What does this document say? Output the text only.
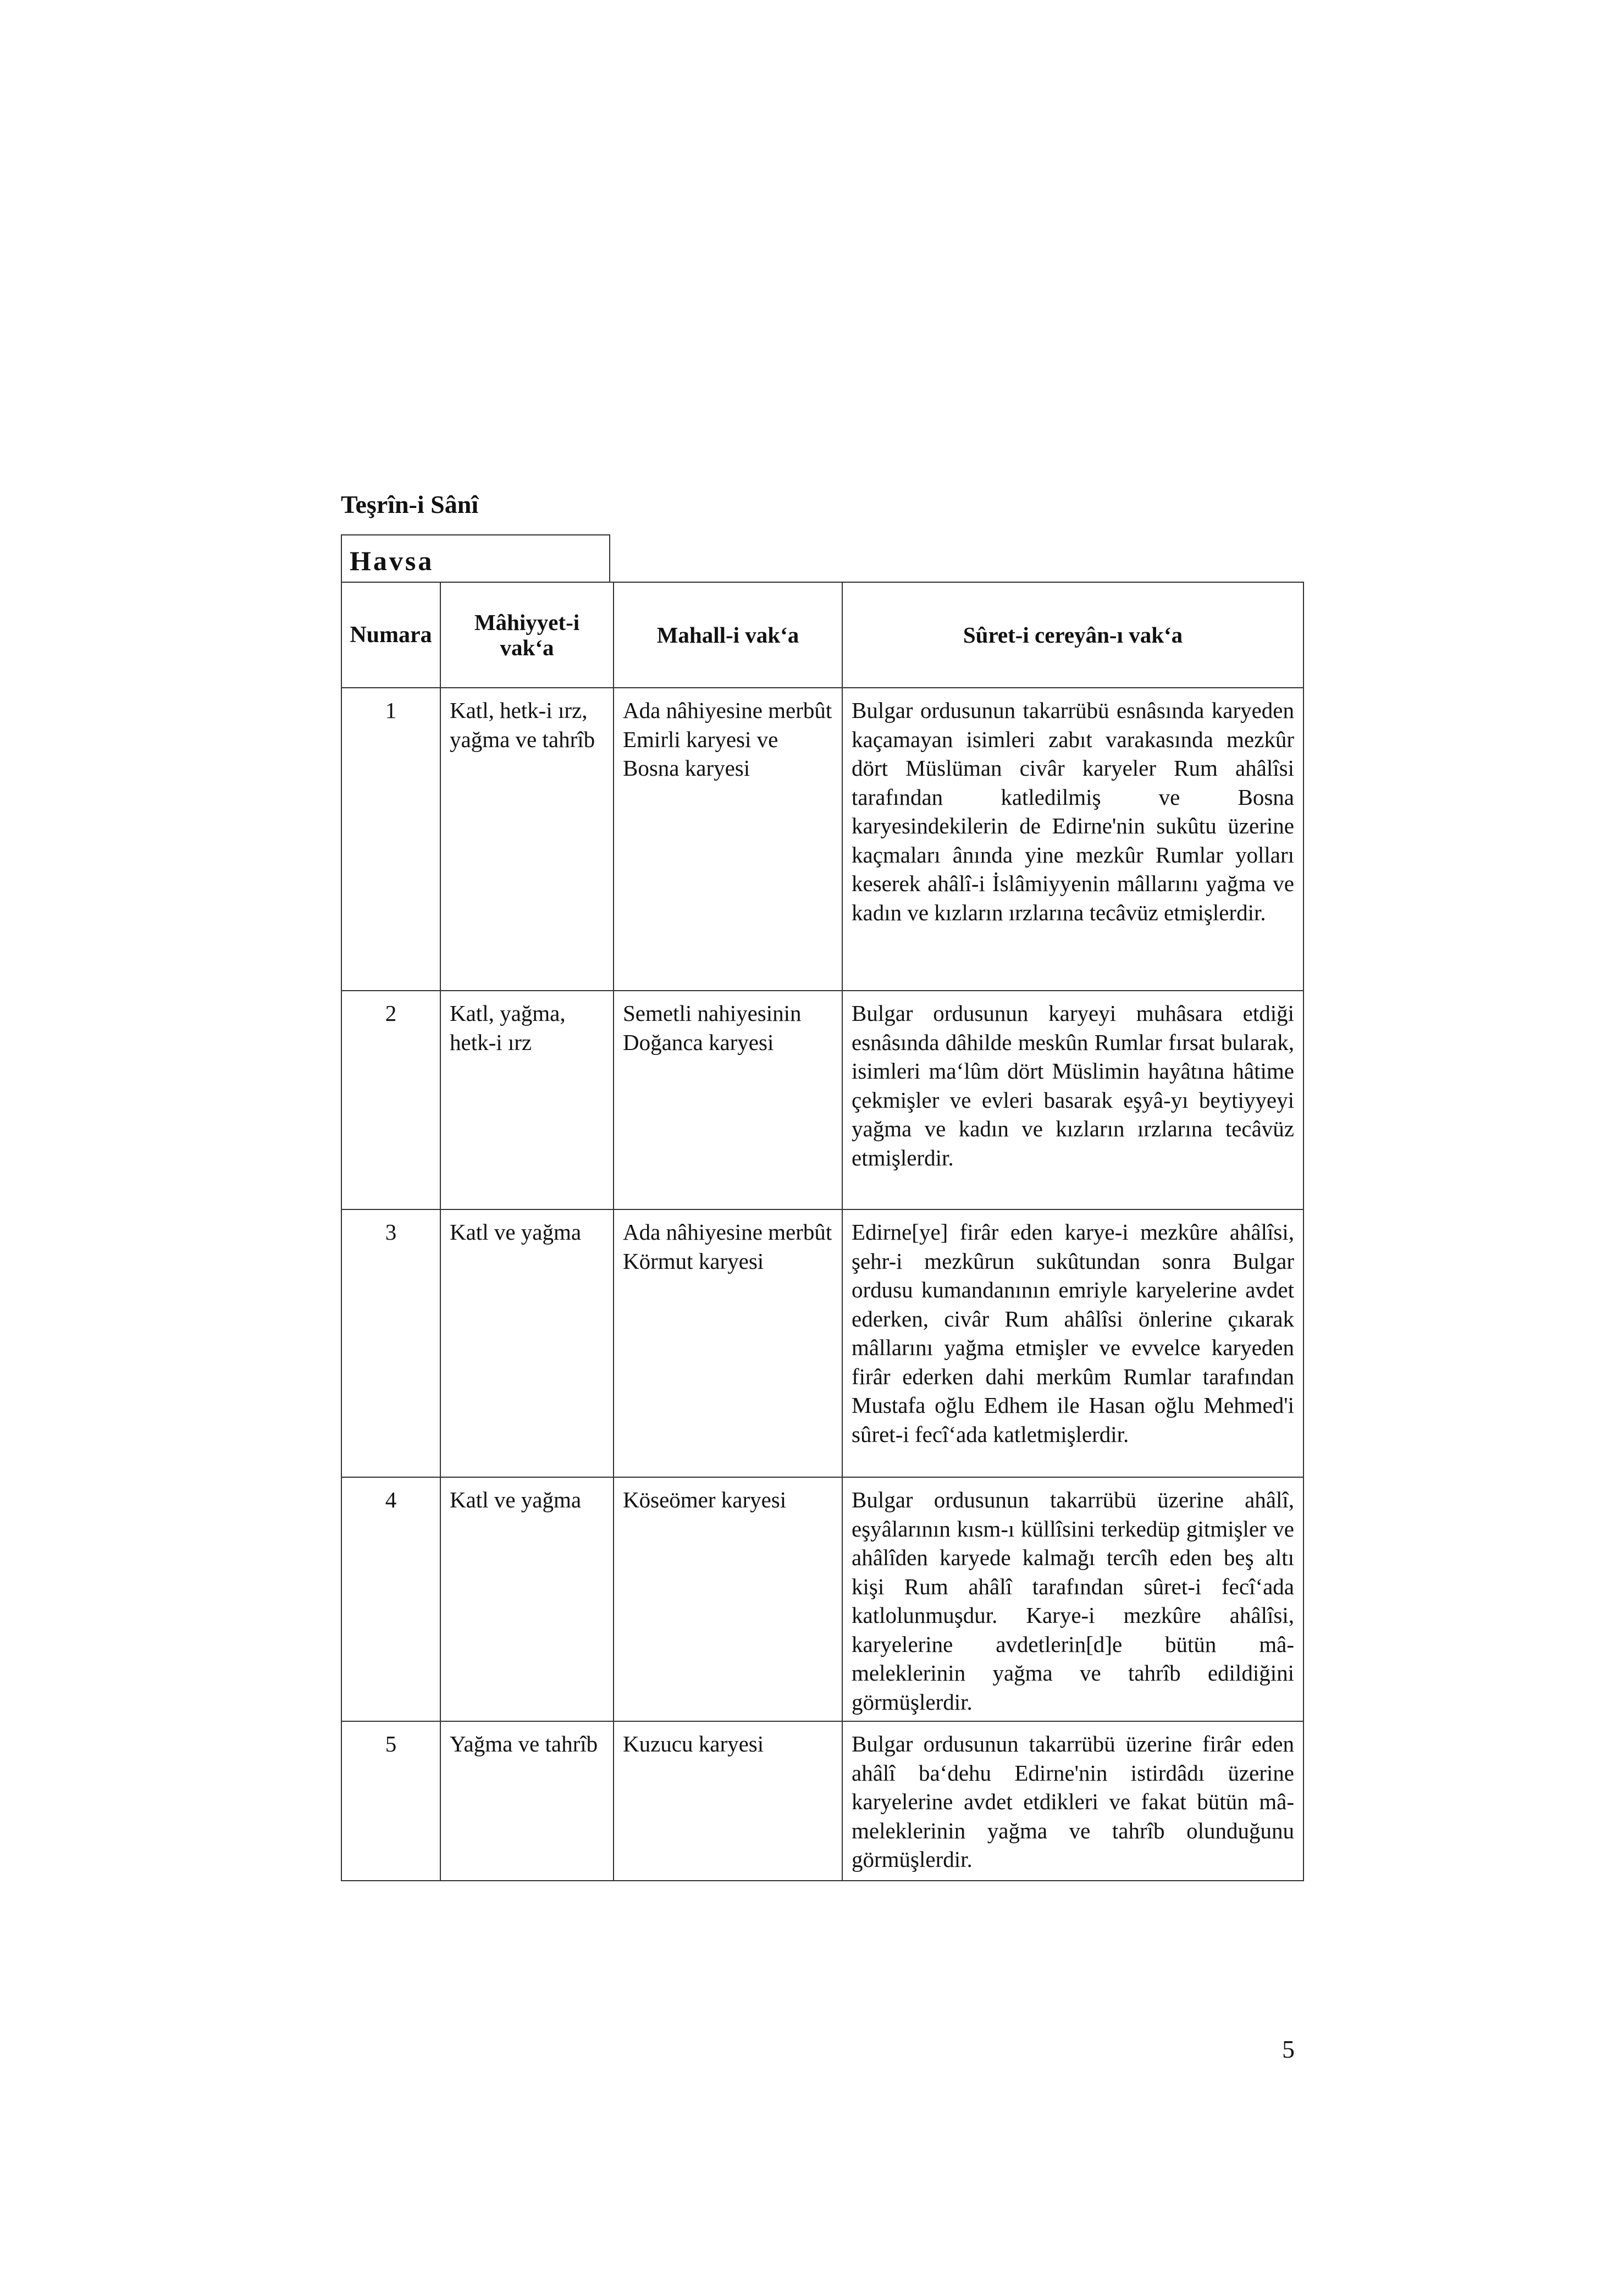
Teşrîn-i Sânî
Havsa
Numara	Mâhiyyet-i vak‘a	Mahall-i vak‘a	Sûret-i cereyân-ı vak‘a
1	Katl, hetk-i ırz, yağma ve tahrîb	Ada nâhiyesine merbût Emirli karyesi ve Bosna karyesi	Bulgar ordusunun takarrübü esnâsında karyeden kaçamayan isimleri zabıt varakasında mezkûr dört Müslüman civâr karyeler Rum ahâlîsi tarafından katledilmiş ve Bosna karyesindekilerin de Edirne'nin sukûtu üzerine kaçmaları ânında yine mezkûr Rumlar yolları keserek ahâlî-i İslâmiyyenin mâllarını yağma ve kadın ve kızların ırzlarına tecâvüz etmişlerdir.
2	Katl, yağma, hetk-i ırz	Semetli nahiyesinin Doğanca karyesi	Bulgar ordusunun karyeyi muhâsara etdiği esnâsında dâhilde meskûn Rumlar fırsat bularak, isimleri ma‘lûm dört Müslimin hayâtına hâtime çekmişler ve evleri basarak eşyâ-yı beytiyyeyi yağma ve kadın ve kızların ırzlarına tecâvüz etmişlerdir.
3	Katl ve yağma	Ada nâhiyesine merbût Körmut karyesi	Edirne[ye] firâr eden karye-i mezkûre ahâlîsi, şehr-i mezkûrun sukûtundan sonra Bulgar ordusu kumandanının emriyle karyelerine avdet ederken, civâr Rum ahâlîsi önlerine çıkarak mâllarını yağma etmişler ve evvelce karyeden firâr ederken dahi merkûm Rumlar tarafından Mustafa oğlu Edhem ile Hasan oğlu Mehmed'i sûret-i fecî‘ada katletmişlerdir.
4	Katl ve yağma	Köseömer karyesi	Bulgar ordusunun takarrübü üzerine ahâlî, eşyâlarının kısm-ı küllîsini terkedüp gitmişler ve ahâlîden karyede kalmağı tercîh eden beş altı kişi Rum ahâlî tarafından sûret-i fecî‘ada katlolunmuşdur. Karye-i mezkûre ahâlîsi, karyelerine avdetlerin[d]e bütün mâ-meleklerinin yağma ve tahrîb edildiğini görmüşlerdir.
5	Yağma ve tahrîb	Kuzucu karyesi	Bulgar ordusunun takarrübü üzerine firâr eden ahâlî ba‘dehu Edirne'nin istirdâdı üzerine karyelerine avdet etdikleri ve fakat bütün mâ-meleklerinin yağma ve tahrîb olunduğunu görmüşlerdir.
5
